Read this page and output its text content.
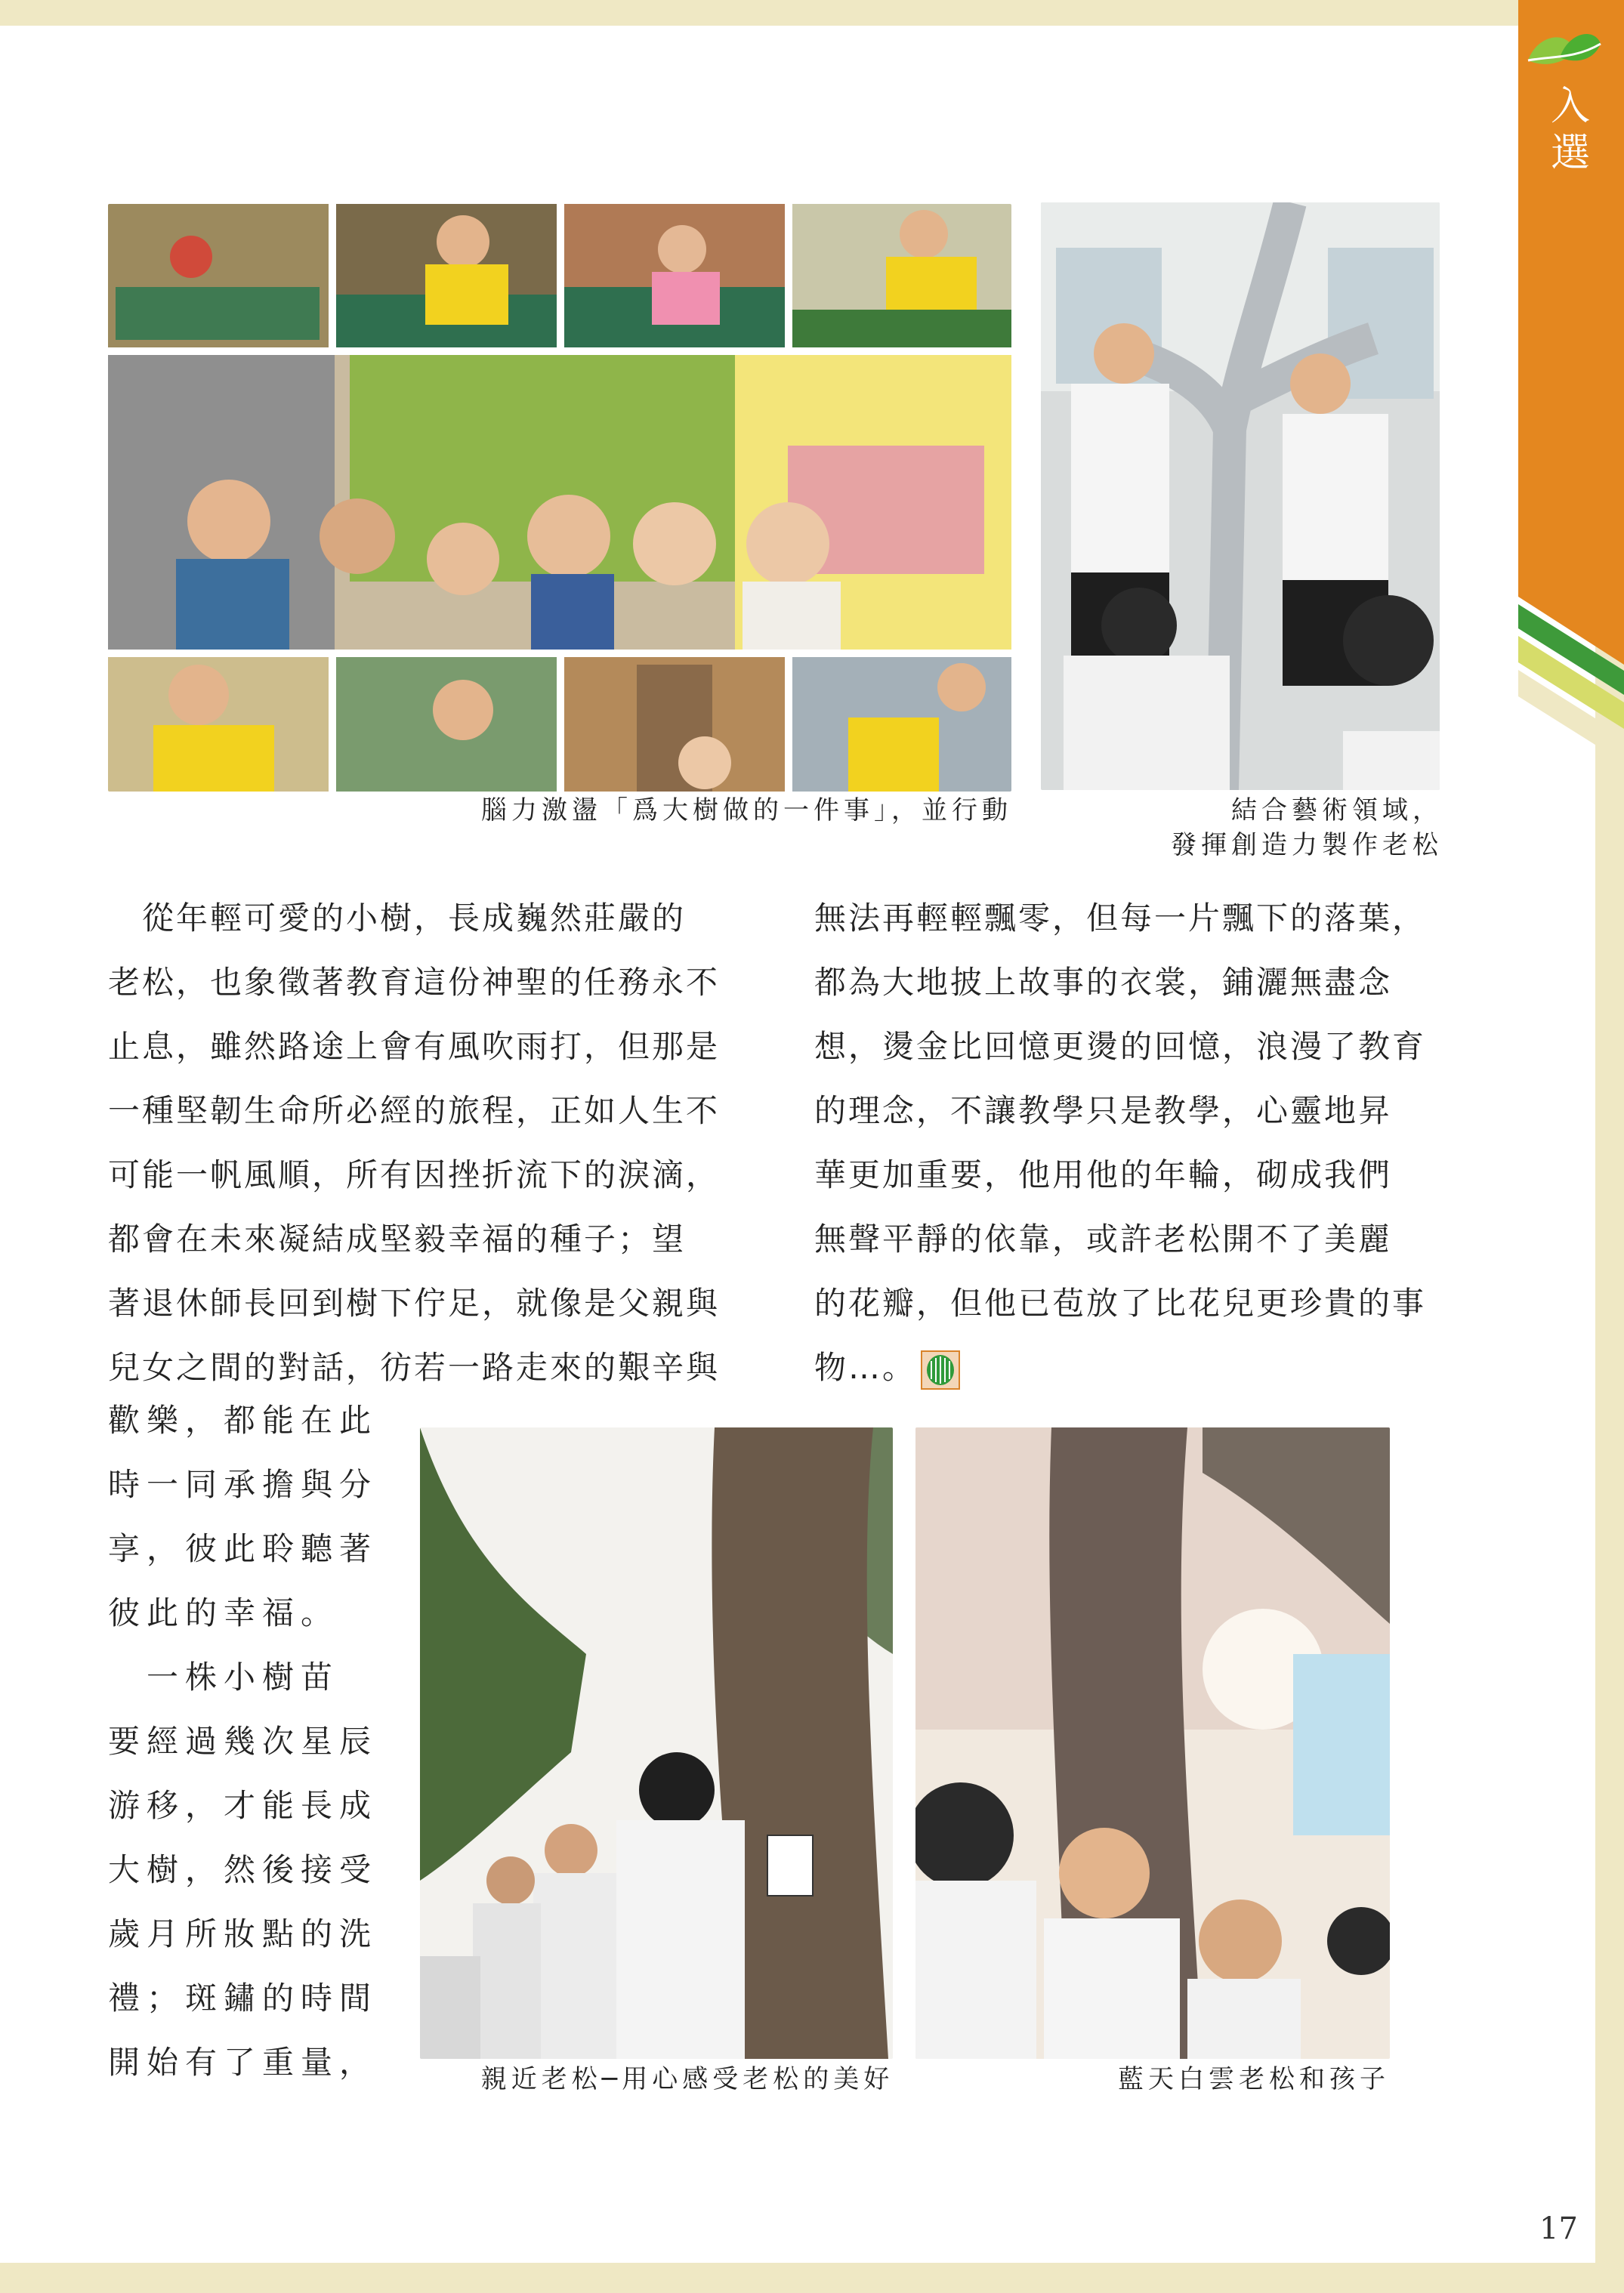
入選
腦力激盪「爲大樹做的一件事」，並行動	結合藝術領域，
發揮創造力製作老松

　從年輕可愛的小樹，長成巍然莊嚴的

老松，也象徵著教育這份神聖的任務永不

止息，雖然路途上會有風吹雨打，但那是

一種堅韌生命所必經的旅程，正如人生不

可能一帆風順，所有因挫折流下的淚滴，

都會在未來凝結成堅毅幸福的種子；望

著退休師長回到樹下佇足，就像是父親與

兒女之間的對話，彷若一路走來的艱辛與

歡樂，都能在此

時一同承擔與分

享，彼此聆聽著

彼此的幸福。

　一株小樹苗

要經過幾次星辰

游移，才能長成

大樹，然後接受

歲月所妝點的洗

禮；斑鏽的時間

開始有了重量，

無法再輕輕飄零，但每一片飄下的落葉，

都為大地披上故事的衣裳，鋪灑無盡念

想，燙金比回憶更燙的回憶，浪漫了教育

的理念，不讓教學只是教學，心靈地昇

華更加重要，他用他的年輪，砌成我們

無聲平靜的依靠，或許老松開不了美麗

的花瓣，但他已苞放了比花兒更珍貴的事

物…。

親近老松─用心感受老松的美好	藍天白雲老松和孩子
17
